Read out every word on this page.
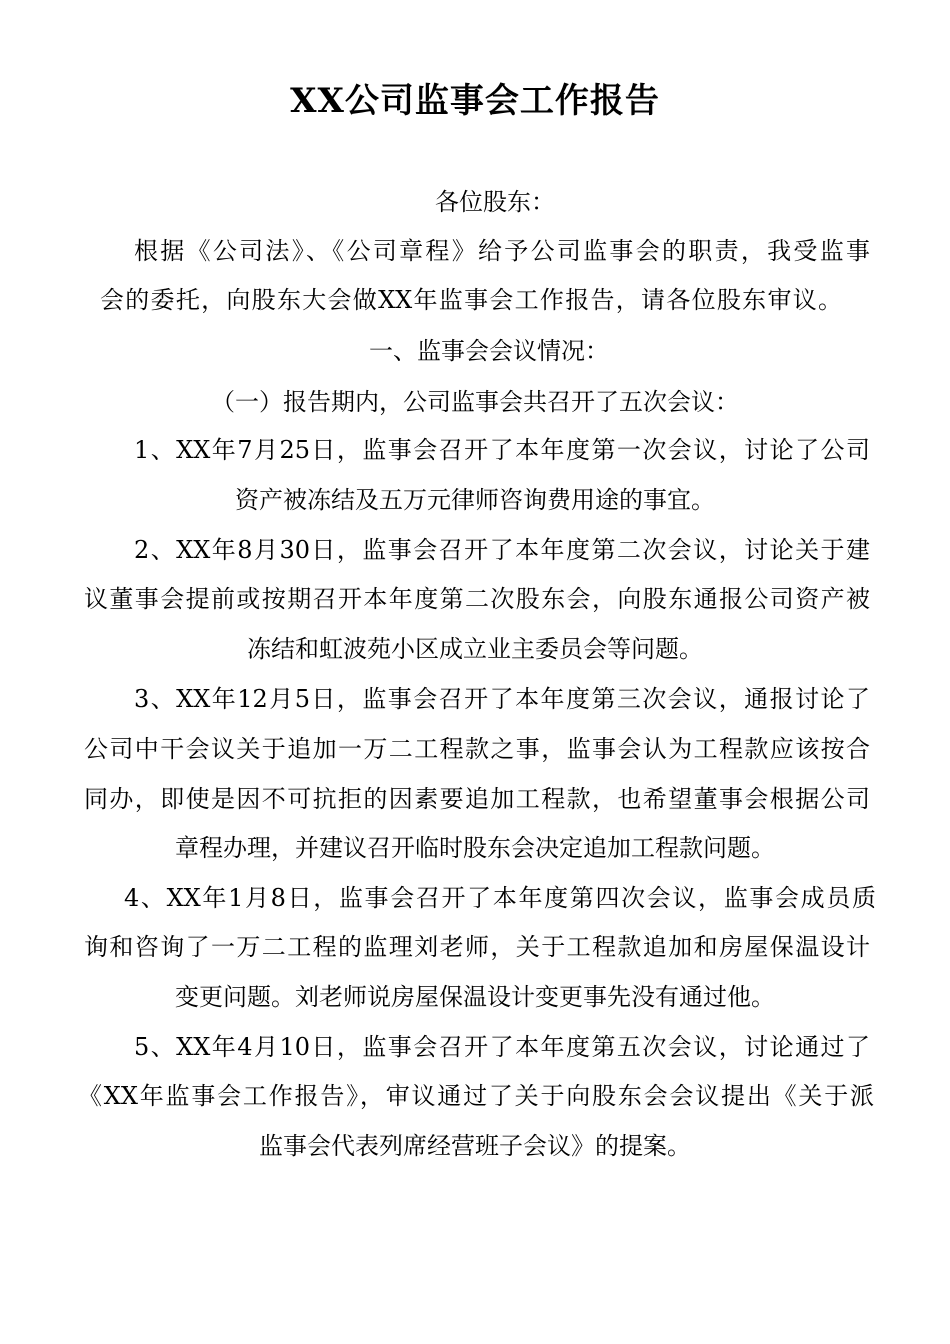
XX公司监事会工作报告
各位股东：
根据《公司法》、《公司章程》给予公司监事会的职责，我受监事
会的委托，向股东大会做XX年监事会工作报告，请各位股东审议。
一、监事会会议情况：
（一）报告期内，公司监事会共召开了五次会议：
1、XX年7月25日，监事会召开了本年度第一次会议，讨论了公司
资产被冻结及五万元律师咨询费用途的事宜。
2、XX年8月30日，监事会召开了本年度第二次会议，讨论关于建
议董事会提前或按期召开本年度第二次股东会，向股东通报公司资产被
冻结和虹波苑小区成立业主委员会等问题。
3、XX年12月5日，监事会召开了本年度第三次会议，通报讨论了
公司中干会议关于追加一万二工程款之事，监事会认为工程款应该按合
同办，即使是因不可抗拒的因素要追加工程款，也希望董事会根据公司
章程办理，并建议召开临时股东会决定追加工程款问题。
4、XX年1月8日，监事会召开了本年度第四次会议，监事会成员质
询和咨询了一万二工程的监理刘老师，关于工程款追加和房屋保温设计
变更问题。刘老师说房屋保温设计变更事先没有通过他。
5、XX年4月10日，监事会召开了本年度第五次会议，讨论通过了
《XX年监事会工作报告》，审议通过了关于向股东会会议提出《关于派
监事会代表列席经营班子会议》的提案。
